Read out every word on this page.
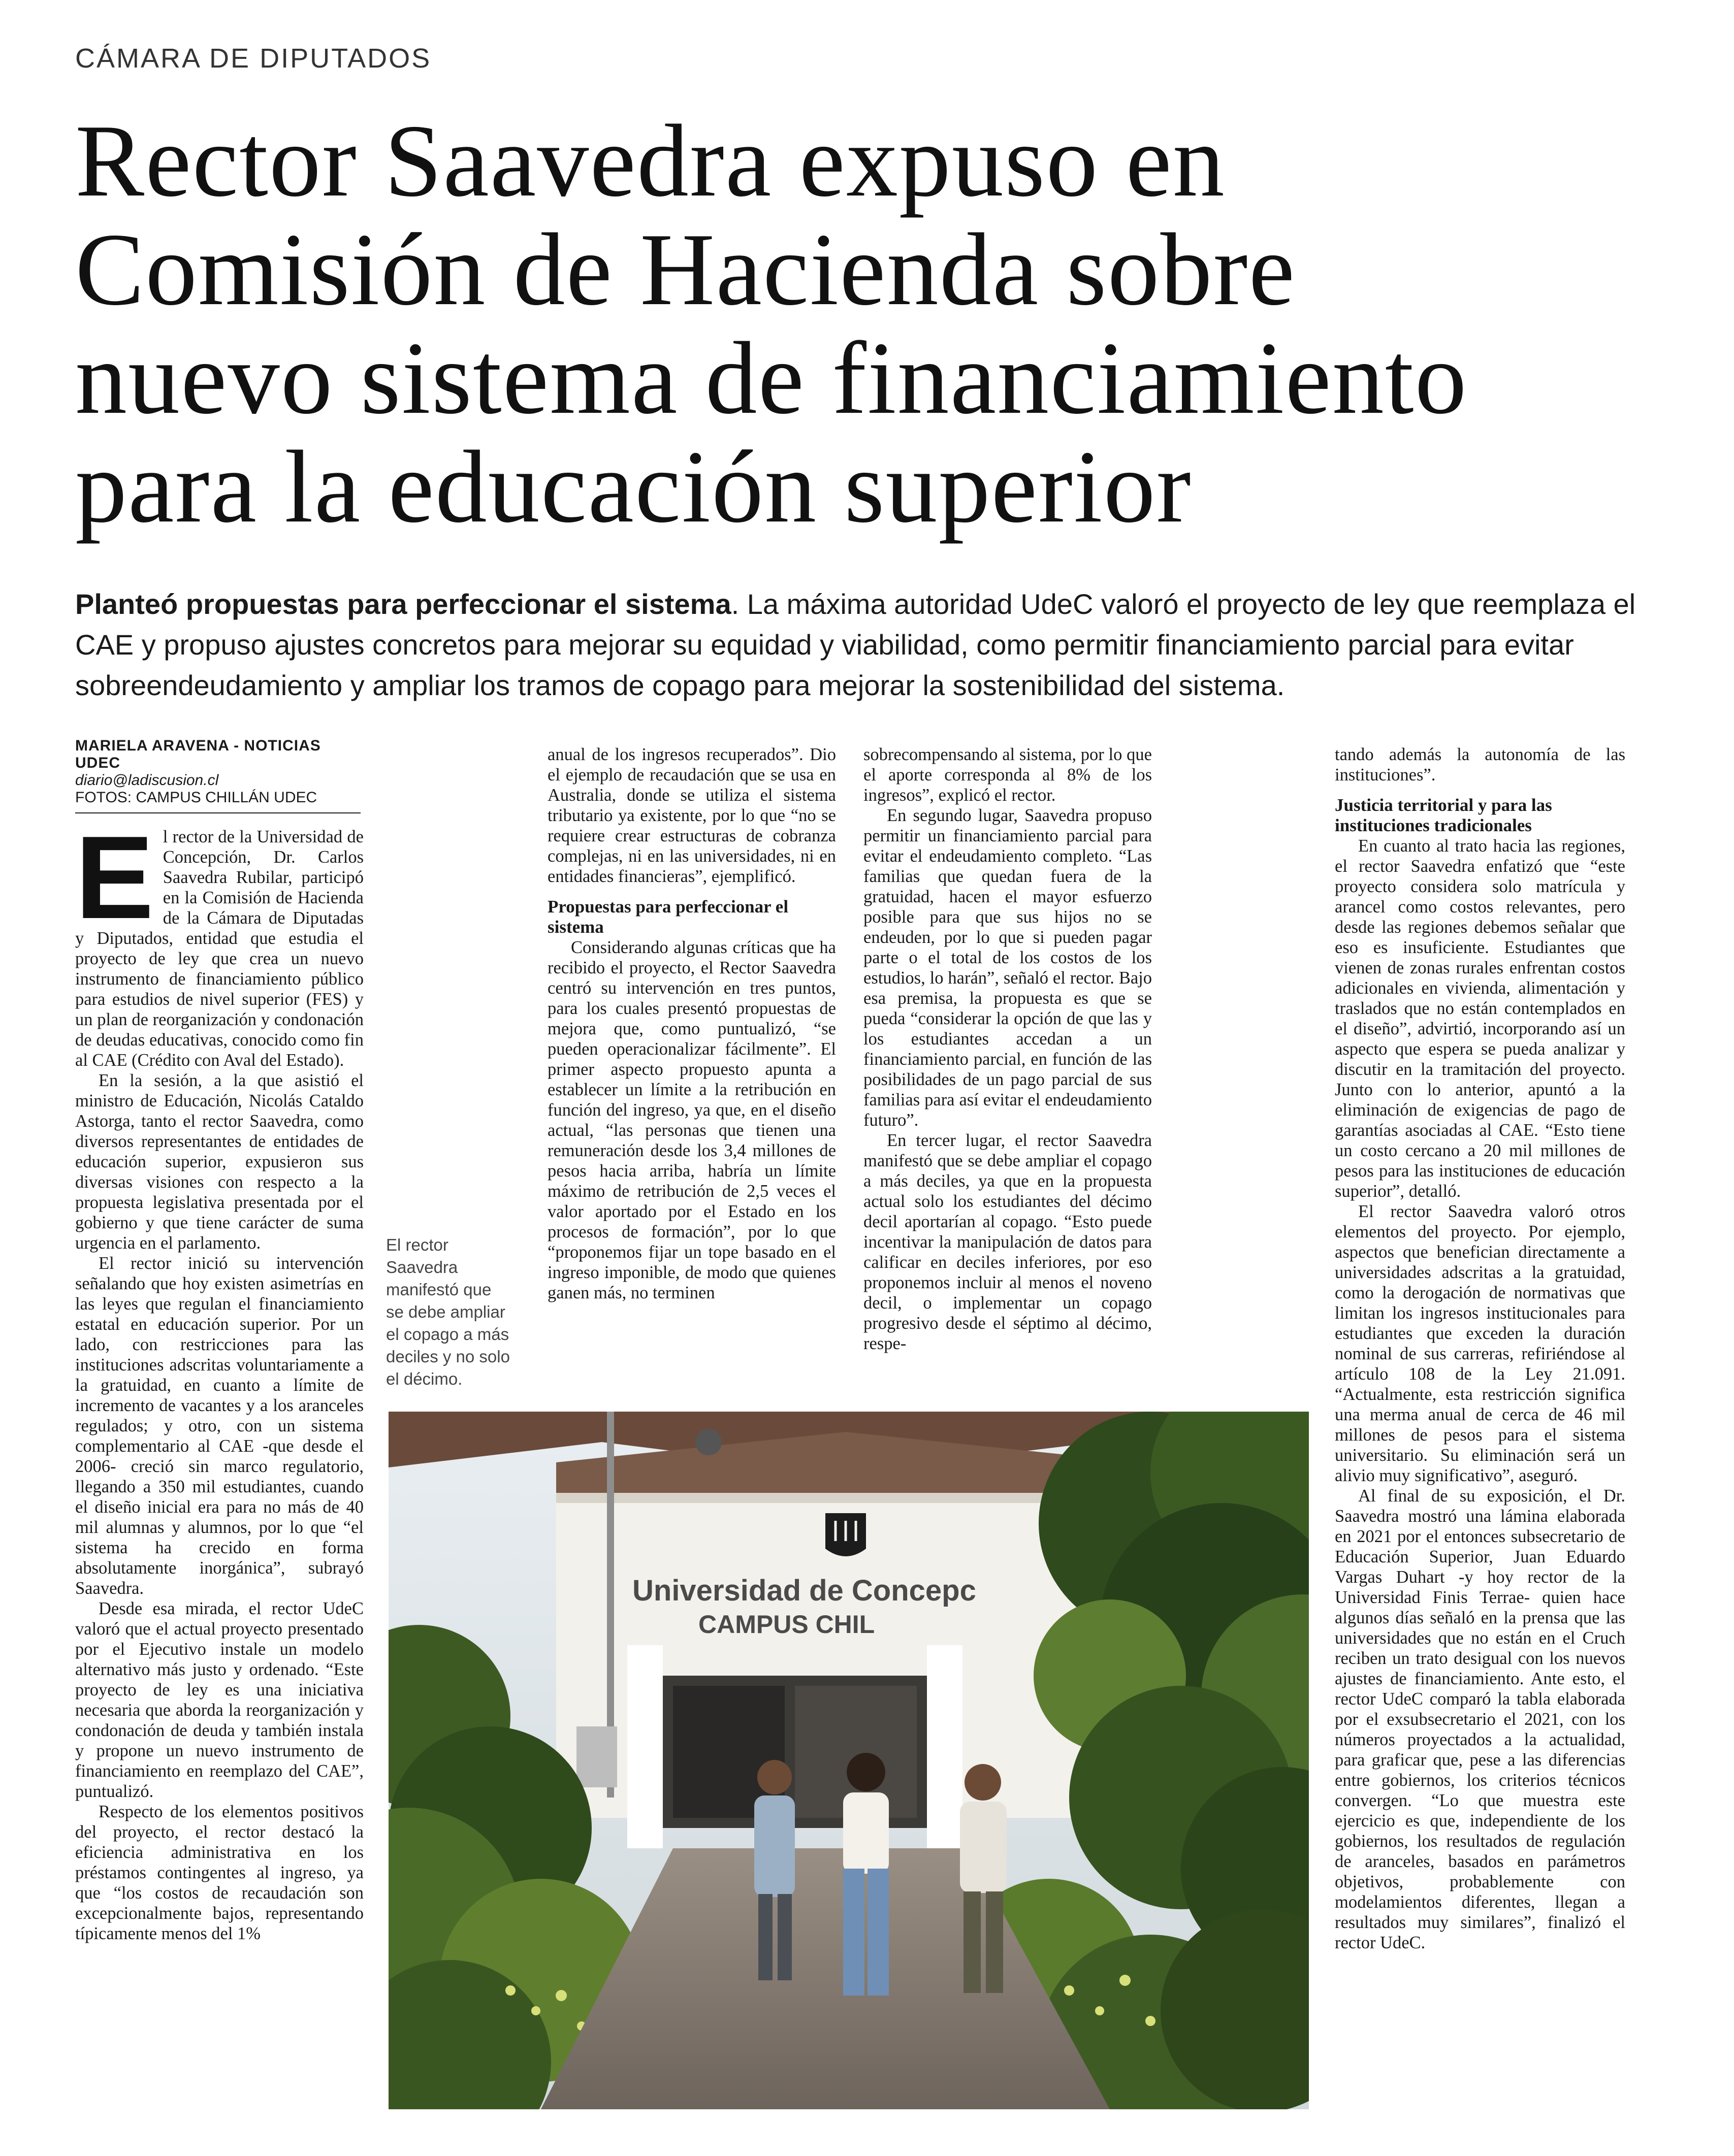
CÁMARA DE DIPUTADOS
Rector Saavedra expuso en
Comisión de Hacienda sobre
nuevo sistema de financiamiento
para la educación superior
Planteó propuestas para perfeccionar el sistema. La máxima autoridad UdeC valoró el proyecto de ley que reemplaza el CAE y propuso ajustes concretos para mejorar su equidad y viabilidad, como permitir financiamiento parcial para evitar sobreendeudamiento y ampliar los tramos de copago para mejorar la sostenibilidad del sistema.
MARIELA ARAVENA - NOTICIAS UDEC
diario@ladiscusion.cl
FOTOS: CAMPUS CHILLÁN UDEC

El rector de la Universidad de Concepción, Dr. Carlos Saavedra Rubilar, participó en la Comisión de Hacienda de la Cámara de Diputadas y Diputados, entidad que estudia el proyecto de ley que crea un nuevo instrumento de financiamiento público para estudios de nivel superior (FES) y un plan de reorganización y condonación de deudas educativas, conocido como fin al CAE (Crédito con Aval del Estado).

En la sesión, a la que asistió el ministro de Educación, Nicolás Cataldo Astorga, tanto el rector Saavedra, como diversos representantes de entidades de educación superior, expusieron sus diversas visiones con respecto a la propuesta legislativa presentada por el gobierno y que tiene carácter de suma urgencia en el parlamento.

El rector inició su intervención señalando que hoy existen asimetrías en las leyes que regulan el financiamiento estatal en educación superior. Por un lado, con restricciones para las instituciones adscritas voluntariamente a la gratuidad, en cuanto a límite de incremento de vacantes y a los aranceles regulados; y otro, con un sistema complementario al CAE -que desde el 2006- creció sin marco regulatorio, llegando a 350 mil estudiantes, cuando el diseño inicial era para no más de 40 mil alumnas y alumnos, por lo que “el sistema ha crecido en forma absolutamente inorgánica”, subrayó Saavedra.

Desde esa mirada, el rector UdeC valoró que el actual proyecto presentado por el Ejecutivo instale un modelo alternativo más justo y ordenado. “Este proyecto de ley es una iniciativa necesaria que aborda la reorganización y condonación de deuda y también instala y propone un nuevo instrumento de financiamiento en reemplazo del CAE”, puntualizó.

Respecto de los elementos positivos del proyecto, el rector destacó la eficiencia administrativa en los préstamos contingentes al ingreso, ya que “los costos de recaudación son excepcionalmente bajos, representando típicamente menos del 1%

El rector Saavedra manifestó que se debe ampliar el copago a más deciles y no solo el décimo.

anual de los ingresos recuperados”. Dio el ejemplo de recaudación que se usa en Australia, donde se utiliza el sistema tributario ya existente, por lo que “no se requiere crear estructuras de cobranza complejas, ni en las universidades, ni en entidades financieras”, ejemplificó.

Propuestas para perfeccionar el sistema

Considerando algunas críticas que ha recibido el proyecto, el Rector Saavedra centró su intervención en tres puntos, para los cuales presentó propuestas de mejora que, como puntualizó, “se pueden operacionalizar fácilmente”. El primer aspecto propuesto apunta a establecer un límite a la retribución en función del ingreso, ya que, en el diseño actual, “las personas que tienen una remuneración desde los 3,4 millones de pesos hacia arriba, habría un límite máximo de retribución de 2,5 veces el valor aportado por el Estado en los procesos de formación”, por lo que “proponemos fijar un tope basado en el ingreso imponible, de modo que quienes ganen más, no terminen

sobrecompensando al sistema, por lo que el aporte corresponda al 8% de los ingresos”, explicó el rector.

En segundo lugar, Saavedra propuso permitir un financiamiento parcial para evitar el endeudamiento completo. “Las familias que quedan fuera de la gratuidad, hacen el mayor esfuerzo posible para que sus hijos no se endeuden, por lo que si pueden pagar parte o el total de los costos de los estudios, lo harán”, señaló el rector. Bajo esa premisa, la propuesta es que se pueda “considerar la opción de que las y los estudiantes accedan a un financiamiento parcial, en función de las posibilidades de un pago parcial de sus familias para así evitar el endeudamiento futuro”.

En tercer lugar, el rector Saavedra manifestó que se debe ampliar el copago a más deciles, ya que en la propuesta actual solo los estudiantes del décimo decil aportarían al copago. “Esto puede incentivar la manipulación de datos para calificar en deciles inferiores, por eso proponemos incluir al menos el noveno decil, o implementar un copago progresivo desde el séptimo al décimo, respe-

tando además la autonomía de las instituciones”.

Justicia territorial y para las instituciones tradicionales

En cuanto al trato hacia las regiones, el rector Saavedra enfatizó que “este proyecto considera solo matrícula y arancel como costos relevantes, pero desde las regiones debemos señalar que eso es insuficiente. Estudiantes que vienen de zonas rurales enfrentan costos adicionales en vivienda, alimentación y traslados que no están contemplados en el diseño”, advirtió, incorporando así un aspecto que espera se pueda analizar y discutir en la tramitación del proyecto. Junto con lo anterior, apuntó a la eliminación de exigencias de pago de garantías asociadas al CAE. “Esto tiene un costo cercano a 20 mil millones de pesos para las instituciones de educación superior”, detalló.

El rector Saavedra valoró otros elementos del proyecto. Por ejemplo, aspectos que benefician directamente a universidades adscritas a la gratuidad, como la derogación de normativas que limitan los ingresos institucionales para estudiantes que exceden la duración nominal de sus carreras, refiriéndose al artículo 108 de la Ley 21.091. “Actualmente, esta restricción significa una merma anual de cerca de 46 mil millones de pesos para el sistema universitario. Su eliminación será un alivio muy significativo”, aseguró.

Al final de su exposición, el Dr. Saavedra mostró una lámina elaborada en 2021 por el entonces subsecretario de Educación Superior, Juan Eduardo Vargas Duhart -y hoy rector de la Universidad Finis Terrae- quien hace algunos días señaló en la prensa que las universidades que no están en el Cruch reciben un trato desigual con los nuevos ajustes de financiamiento. Ante esto, el rector UdeC comparó la tabla elaborada por el exsubsecretario el 2021, con los números proyectados a la actualidad, para graficar que, pese a las diferencias entre gobiernos, los criterios técnicos convergen. “Lo que muestra este ejercicio es que, independiente de los gobiernos, los resultados de regulación de aranceles, basados en parámetros objetivos, probablemente con modelamientos diferentes, llegan a resultados muy similares”, finalizó el rector UdeC.

Universidad de Concepc
CAMPUS CHIL
